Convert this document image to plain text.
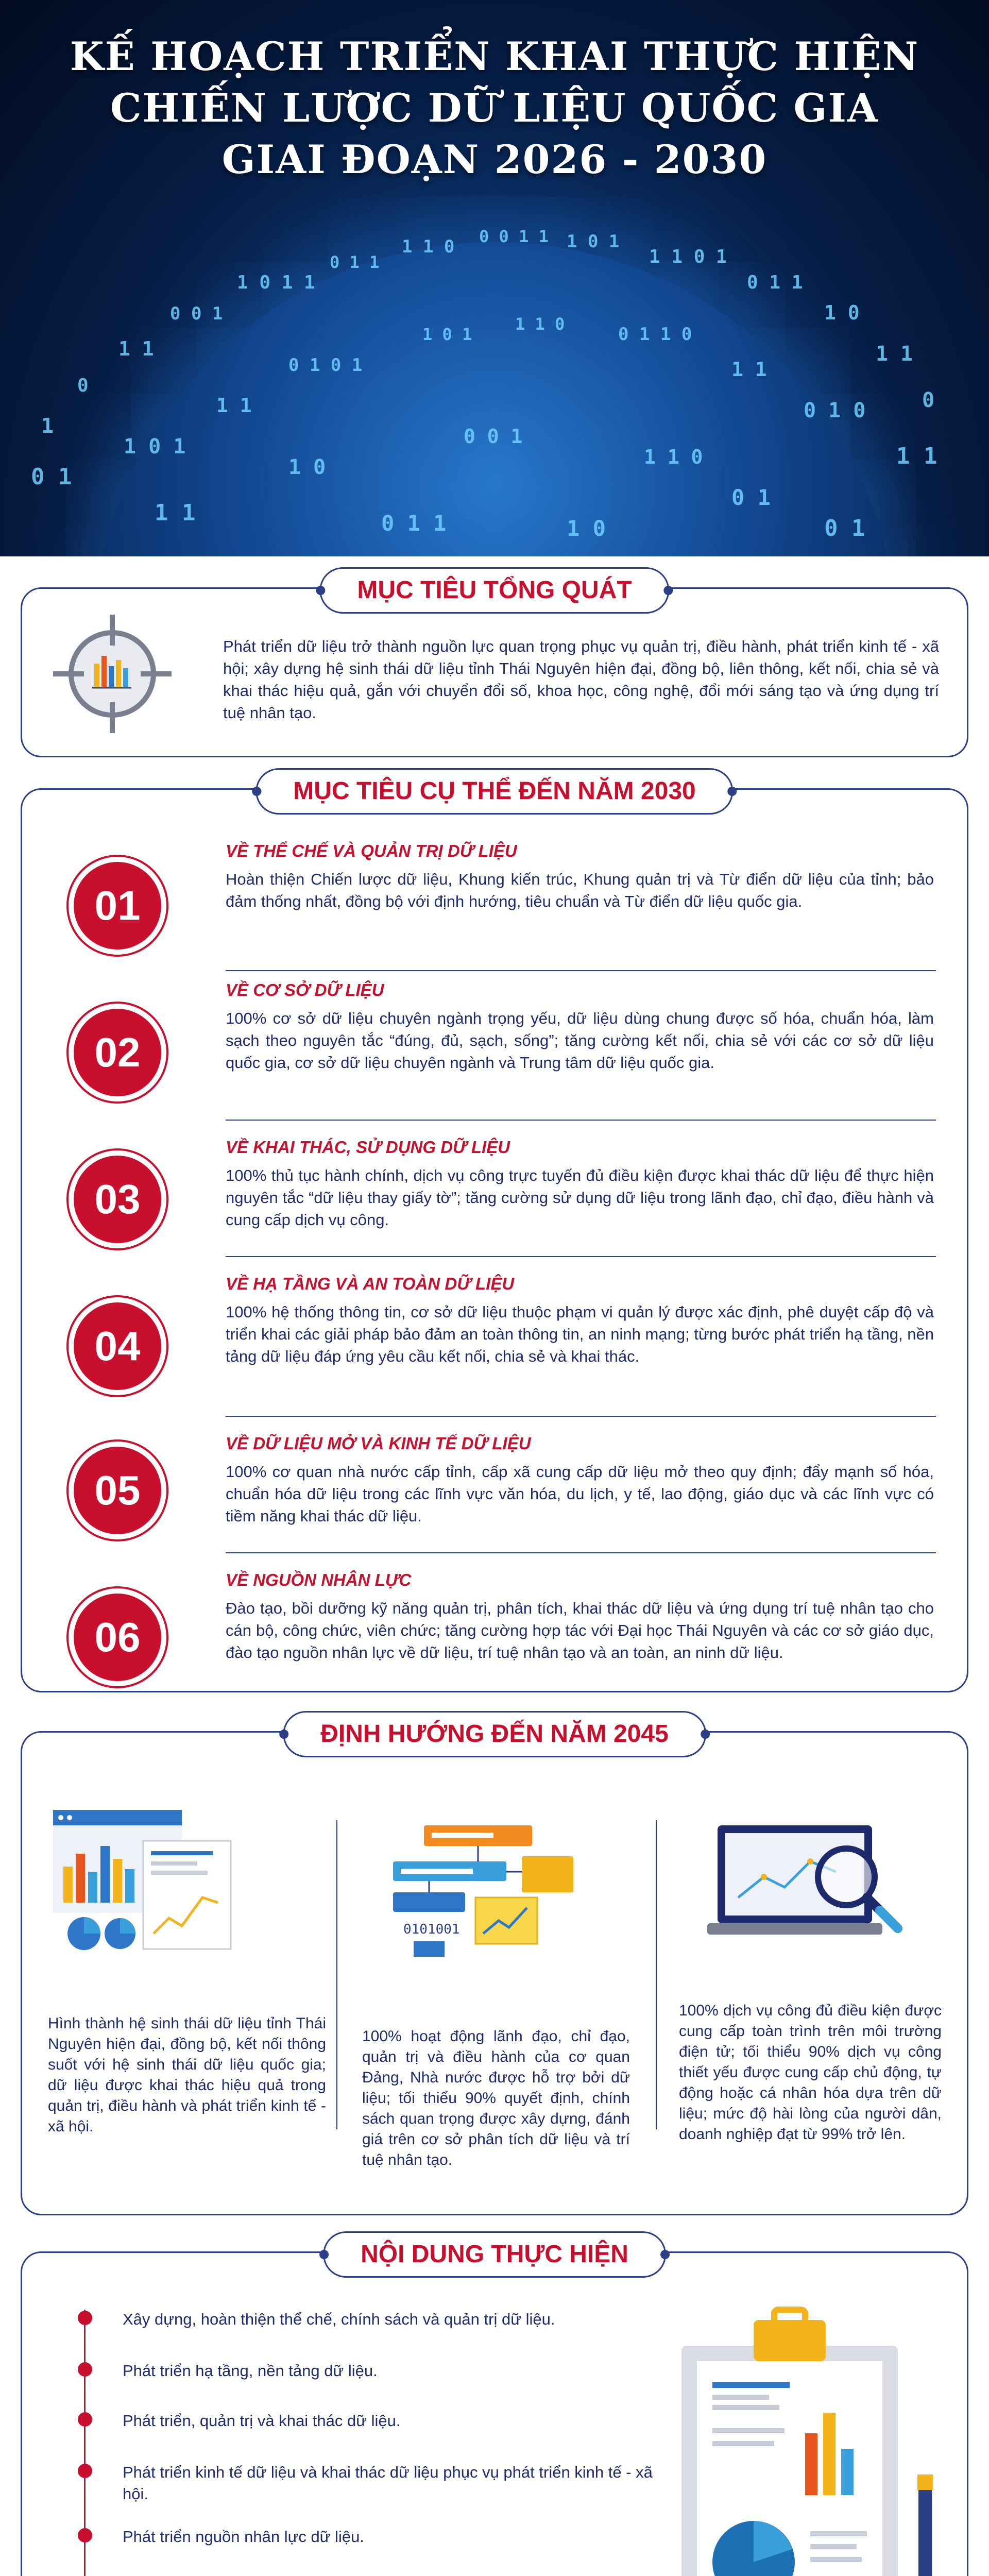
1
0
1 1
0 0 1
1 0 1 1
0 1 1
1 1 0 0 0 1 1 1 0 1
1 1 0 1
0 1 1
1 0
1 1
0
0 1
1 0 1
1 1
0 1 0 1
1 0 1
1 1 0	0 1 1 0
1 1
0 1 0
1 1
1 0
0 0 1
1 1 0
0 1
1 1	0 1 1	1 0	0 1
KẾ HOẠCH TRIỂN KHAI THỰC HIỆN
CHIẾN LƯỢC DỮ LIỆU QUỐC GIA
GIAI ĐOẠN 2026 - 2030
MỤC TIÊU TỔNG QUÁT
Phát triển dữ liệu trở thành nguồn lực quan trọng phục vụ quản trị, điều hành, phát triển kinh tế - xã hội; xây dựng hệ sinh thái dữ liệu tỉnh Thái Nguyên hiện đại, đồng bộ, liên thông, kết nối, chia sẻ và khai thác hiệu quả, gắn với chuyển đổi số, khoa học, công nghệ, đổi mới sáng tạo và ứng dụng trí tuệ nhân tạo.
MỤC TIÊU CỤ THỂ ĐẾN NĂM 2030
01
VỀ THỂ CHẾ VÀ QUẢN TRỊ DỮ LIỆU
Hoàn thiện Chiến lược dữ liệu, Khung kiến trúc, Khung quản trị và Từ điển dữ liệu của tỉnh; bảo đảm thống nhất, đồng bộ với định hướng, tiêu chuẩn và Từ điển dữ liệu quốc gia.
02
VỀ CƠ SỞ DỮ LIỆU
100% cơ sở dữ liệu chuyên ngành trọng yếu, dữ liệu dùng chung được số hóa, chuẩn hóa, làm sạch theo nguyên tắc “đúng, đủ, sạch, sống”; tăng cường kết nối, chia sẻ với các cơ sở dữ liệu quốc gia, cơ sở dữ liệu chuyên ngành và Trung tâm dữ liệu quốc gia.
03
VỀ KHAI THÁC, SỬ DỤNG DỮ LIỆU
100% thủ tục hành chính, dịch vụ công trực tuyến đủ điều kiện được khai thác dữ liệu để thực hiện nguyên tắc “dữ liệu thay giấy tờ”; tăng cường sử dụng dữ liệu trong lãnh đạo, chỉ đạo, điều hành và cung cấp dịch vụ công.
04
VỀ HẠ TẦNG VÀ AN TOÀN DỮ LIỆU
100% hệ thống thông tin, cơ sở dữ liệu thuộc phạm vi quản lý được xác định, phê duyệt cấp độ và triển khai các giải pháp bảo đảm an toàn thông tin, an ninh mạng; từng bước phát triển hạ tầng, nền tảng dữ liệu đáp ứng yêu cầu kết nối, chia sẻ và khai thác.
05
VỀ DỮ LIỆU MỞ VÀ KINH TẾ DỮ LIỆU
100% cơ quan nhà nước cấp tỉnh, cấp xã cung cấp dữ liệu mở theo quy định; đẩy mạnh số hóa, chuẩn hóa dữ liệu trong các lĩnh vực văn hóa, du lịch, y tế, lao động, giáo dục và các lĩnh vực có tiềm năng khai thác dữ liệu.
06
VỀ NGUỒN NHÂN LỰC
Đào tạo, bồi dưỡng kỹ năng quản trị, phân tích, khai thác dữ liệu và ứng dụng trí tuệ nhân tạo cho cán bộ, công chức, viên chức; tăng cường hợp tác với Đại học Thái Nguyên và các cơ sở giáo dục, đào tạo nguồn nhân lực về dữ liệu, trí tuệ nhân tạo và an toàn, an ninh dữ liệu.
ĐỊNH HƯỚNG ĐẾN NĂM 2045
Hình thành hệ sinh thái dữ liệu tỉnh Thái Nguyên hiện đại, đồng bộ, kết nối thông suốt với hệ sinh thái dữ liệu quốc gia; dữ liệu được khai thác hiệu quả trong quản trị, điều hành và phát triển kinh tế - xã hội.
0101001
100% hoạt động lãnh đạo, chỉ đạo, quản trị và điều hành của cơ quan Đảng, Nhà nước được hỗ trợ bởi dữ liệu; tối thiểu 90% quyết định, chính sách quan trọng được xây dựng, đánh giá trên cơ sở phân tích dữ liệu và trí tuệ nhân tạo.
100% dịch vụ công đủ điều kiện được cung cấp toàn trình trên môi trường điện tử; tối thiểu 90% dịch vụ công thiết yếu được cung cấp chủ động, tự động hoặc cá nhân hóa dựa trên dữ liệu; mức độ hài lòng của người dân, doanh nghiệp đạt từ 99% trở lên.
NỘI DUNG THỰC HIỆN
Xây dựng, hoàn thiện thể chế, chính sách và quản trị dữ liệu.
Phát triển hạ tầng, nền tảng dữ liệu.
Phát triển, quản trị và khai thác dữ liệu.
Phát triển kinh tế dữ liệu và khai thác dữ liệu phục vụ phát triển kinh tế - xã hội.
Phát triển nguồn nhân lực dữ liệu.
